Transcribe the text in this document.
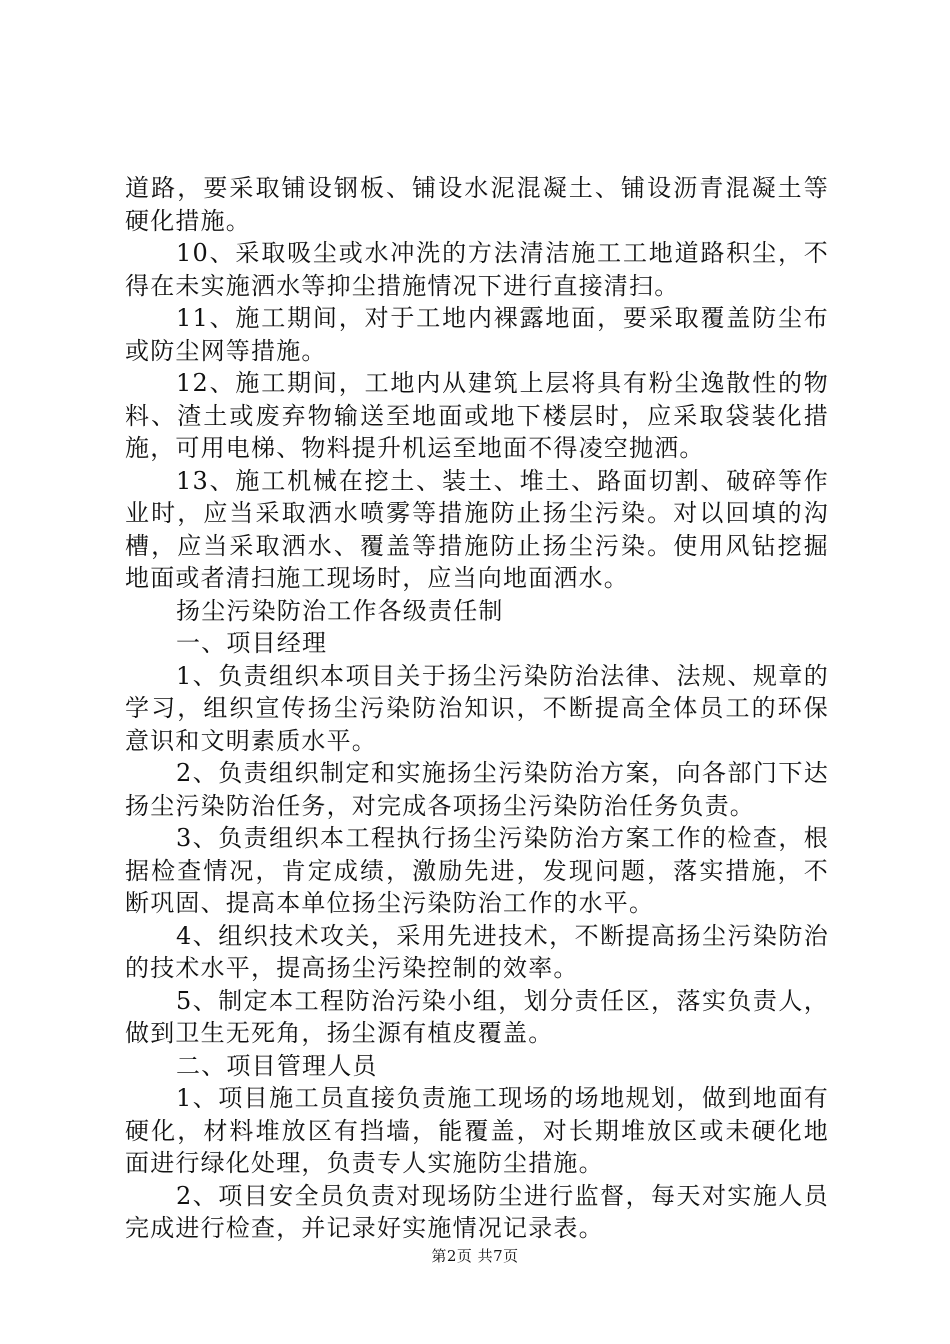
道路，要采取铺设钢板、铺设水泥混凝土、铺设沥青混凝土等硬化措施。

10、采取吸尘或水冲洗的方法清洁施工工地道路积尘，不得在未实施洒水等抑尘措施情况下进行直接清扫。

11、施工期间，对于工地内裸露地面，要采取覆盖防尘布或防尘网等措施。

12、施工期间，工地内从建筑上层将具有粉尘逸散性的物料、渣土或废弃物输送至地面或地下楼层时，应采取袋装化措施，可用电梯、物料提升机运至地面不得凌空抛洒。

13、施工机械在挖土、装土、堆土、路面切割、破碎等作业时，应当采取洒水喷雾等措施防止扬尘污染。对以回填的沟槽，应当采取洒水、覆盖等措施防止扬尘污染。使用风钻挖掘地面或者清扫施工现场时，应当向地面洒水。

扬尘污染防治工作各级责任制

一、项目经理

1、负责组织本项目关于扬尘污染防治法律、法规、规章的学习，组织宣传扬尘污染防治知识，不断提高全体员工的环保意识和文明素质水平。

2、负责组织制定和实施扬尘污染防治方案，向各部门下达扬尘污染防治任务，对完成各项扬尘污染防治任务负责。

3、负责组织本工程执行扬尘污染防治方案工作的检查，根据检查情况，肯定成绩，激励先进，发现问题，落实措施，不断巩固、提高本单位扬尘污染防治工作的水平。

4、组织技术攻关，采用先进技术，不断提高扬尘污染防治的技术水平，提高扬尘污染控制的效率。

5、制定本工程防治污染小组，划分责任区，落实负责人，做到卫生无死角，扬尘源有植皮覆盖。

二、项目管理人员

1、项目施工员直接负责施工现场的场地规划，做到地面有硬化，材料堆放区有挡墙，能覆盖，对长期堆放区或未硬化地面进行绿化处理，负责专人实施防尘措施。

2、项目安全员负责对现场防尘进行监督，每天对实施人员完成进行检查，并记录好实施情况记录表。

第2页 共7页
